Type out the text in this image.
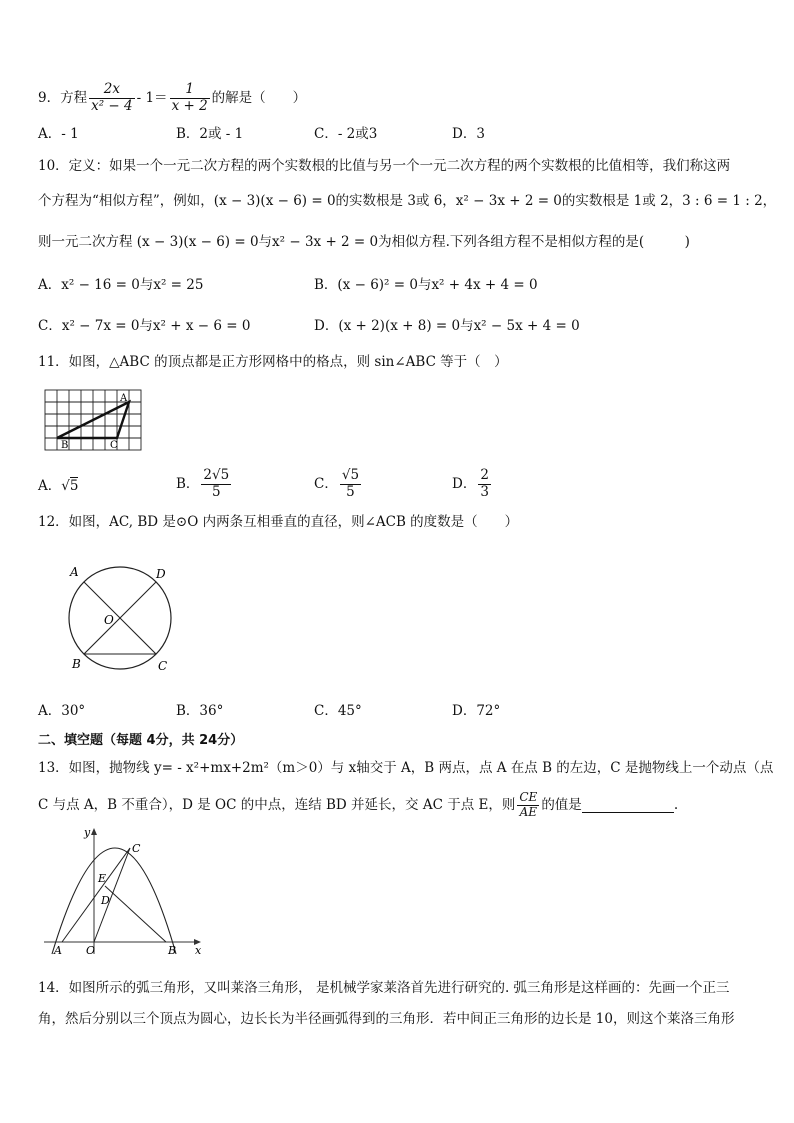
9．方程 $\frac{2x}{\text{x² − 4}} - 1= \frac{1}{x + 2}$ 的解是（　　）
A．- 1	B．2或 - 1	C．- 2或3	D．3
10．定义：如果一个一元二次方程的两个实数根的比值与另一个一元二次方程的两个实数根的比值相等，我们称这两
个方程为“相似方程”，例如，(x − 3)(x − 6) = 0的实数根是 3或 6，x² − 3x + 2 = 0的实数根是 1或 2，3 : 6 = 1 : 2，
则一元二次方程 (x − 3)(x − 6) = 0与x² − 3x + 2 = 0为相似方程.下列各组方程不是相似方程的是(　　　)
A．x² − 16 = 0与x² = 25	B．(x − 6)² = 0与x² + 4x + 4 = 0
C．x² − 7x = 0与x² + x − 6 = 0	D．(x + 2)(x + 8) = 0与x² − 5x + 4 = 0
11．如图，△ABC 的顶点都是正方形网格中的格点，则 sin∠ABC 等于（　）
A
B	C
A． √ 5	B． $\frac{2√5}{5}$	C． $\frac{√5}{5}$	D． $\frac{2}{3}$
12．如图，AC, BD 是⊙O 内两条互相垂直的直径，则∠ACB 的度数是（　　）
A	D
O
B	C
A．30°	B．36°	C．45°	D．72°
二、填空题（每题 4分，共 24分）
13．如图，抛物线 y= - x²+mx+2m²（m＞0）与 x轴交于 A，B 两点，点 A 在点 B 的左边，C 是抛物线上一个动点（点
C 与点 A，B 不重合），D 是 OC 的中点，连结 BD 并延长，交 AC 于点 E，则 $\frac{CE}{AE}$ 的值是	.
y
x
C
E
D
A O	B
14．如图所示的弧三角形，又叫莱洛三角形， 是机械学家莱洛首先进行研究的. 弧三角形是这样画的：先画一个正三
角，然后分别以三个顶点为圆心，边长长为半径画弧得到的三角形．若中间正三角形的边长是 10，则这个莱洛三角形
